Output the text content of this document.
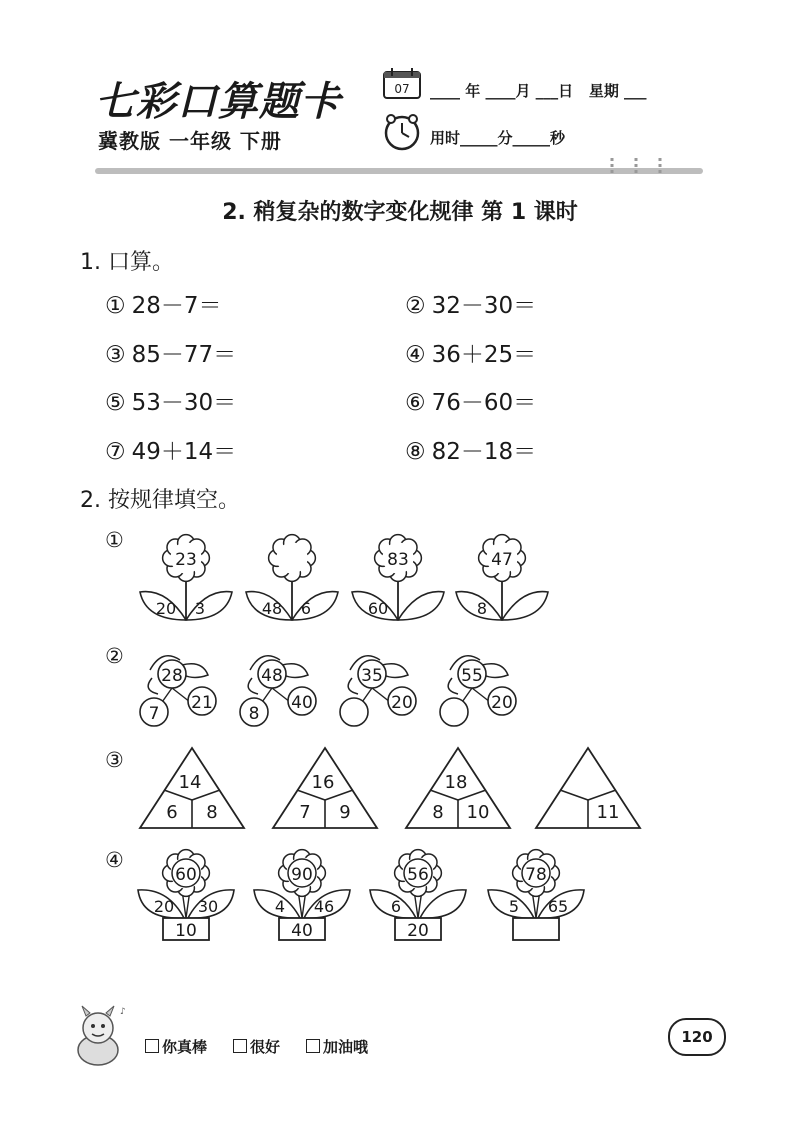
七彩口算题卡
冀教版 一年级 下册
07 ____ 年 ____月 ___日   星期 ___
用时_____分_____秒
2. 稍复杂的数字变化规律 第 1 课时
1. 口算。
① 28－7＝	② 32－30＝
③ 85－77＝	④ 36＋25＝
⑤ 53－30＝	⑥ 76－60＝
⑦ 49＋14＝	⑧ 82－18＝
2. 按规律填空。
①
②
③
④
23
20 3	48 6
83
60
47
8
28
7
21
48
8
40
35
20
55
20
14
6 8
16
7 9
18
8 10	11
60
20 30
10
90
4 46
40
56
6
20
78
5 65
♪
你真棒	很好	加油哦
120
